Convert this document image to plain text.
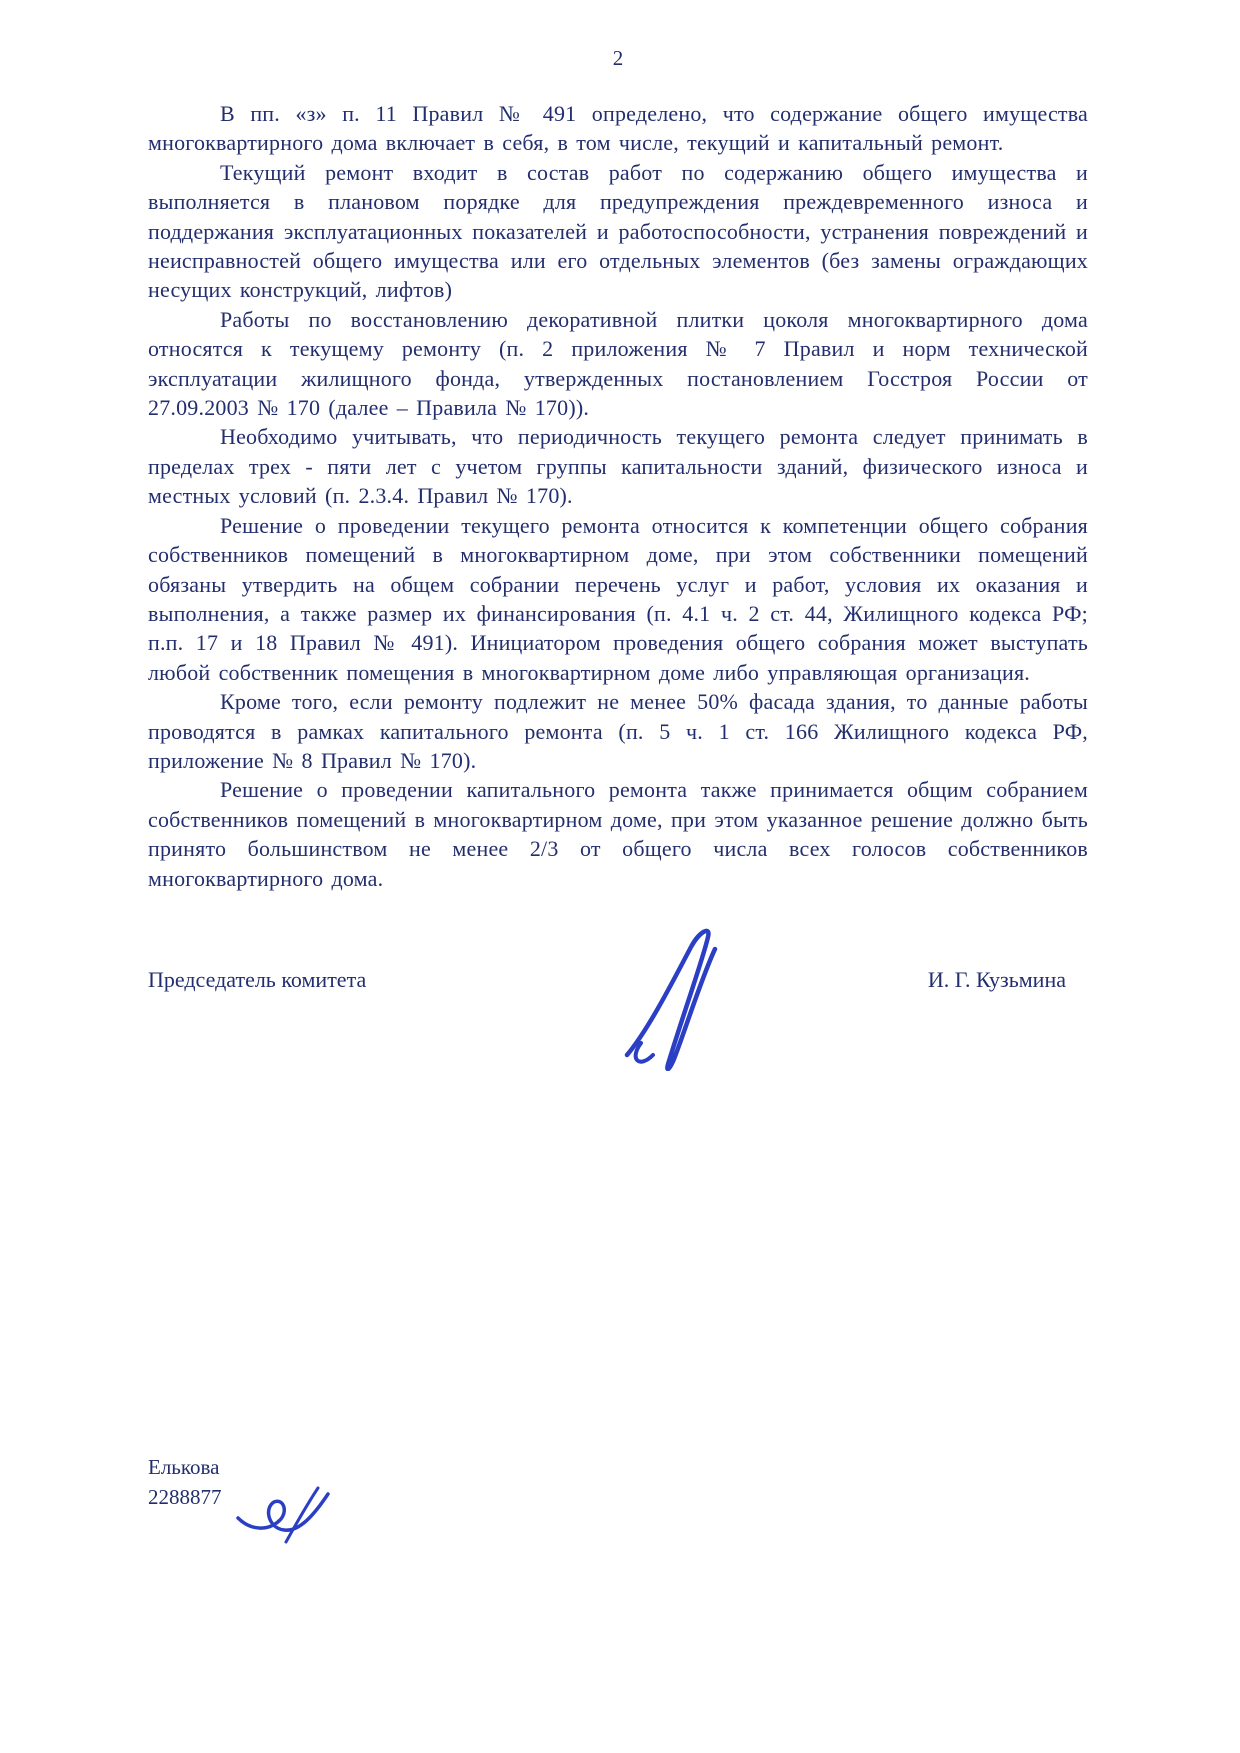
2

В пп. «з» п. 11 Правил № 491 определено, что содержание общего имущества многоквартирного дома включает в себя, в том числе, текущий и капитальный ремонт.

Текущий ремонт входит в состав работ по содержанию общего имущества и выполняется в плановом порядке для предупреждения преждевременного износа и поддержания эксплуатационных показателей и работоспособности, устранения повреждений и неисправностей общего имущества или его отдельных элементов (без замены ограждающих несущих конструкций, лифтов)

Работы по восстановлению декоративной плитки цоколя многоквартирного дома относятся к текущему ремонту (п. 2 приложения № 7 Правил и норм технической эксплуатации жилищного фонда, утвержденных постановлением Госстроя России от 27.09.2003 № 170 (далее – Правила № 170)).

Необходимо учитывать, что периодичность текущего ремонта следует принимать в пределах трех - пяти лет с учетом группы капитальности зданий, физического износа и местных условий (п. 2.3.4. Правил № 170).

Решение о проведении текущего ремонта относится к компетенции общего собрания собственников помещений в многоквартирном доме, при этом собственники помещений обязаны утвердить на общем собрании перечень услуг и работ, условия их оказания и выполнения, а также размер их финансирования (п. 4.1 ч. 2 ст. 44, Жилищного кодекса РФ; п.п. 17 и 18 Правил № 491). Инициатором проведения общего собрания может выступать любой собственник помещения в многоквартирном доме либо управляющая организация.

Кроме того, если ремонту подлежит не менее 50% фасада здания, то данные работы проводятся в рамках капитального ремонта (п. 5 ч. 1 ст. 166 Жилищного кодекса РФ, приложение № 8 Правил № 170).

Решение о проведении капитального ремонта также принимается общим собранием собственников помещений в многоквартирном доме, при этом указанное решение должно быть принято большинством не менее 2/3 от общего числа всех голосов собственников многоквартирного дома.

Председатель комитета	И. Г. Кузьмина
Елькова
2288877
